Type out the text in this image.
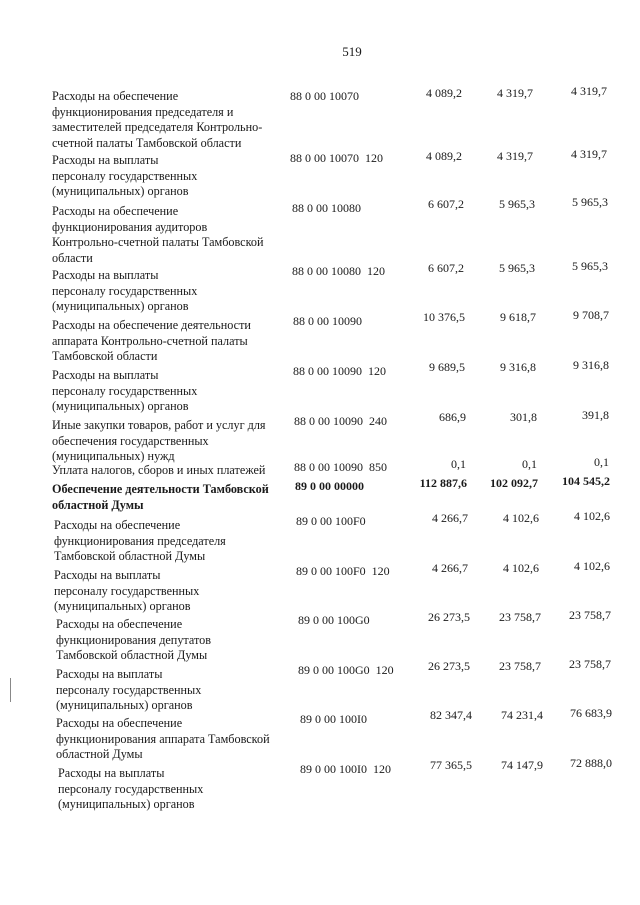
519
Расходы на обеспечение
функционирования председателя и
заместителей председателя Контрольно-
счетной палаты Тамбовской области
88 0 00 10070	4 089,2	4 319,7	4 319,7
Расходы на выплаты
персоналу государственных
(муниципальных) органов
88 0 00 10070  120	4 089,2	4 319,7	4 319,7
Расходы на обеспечение
функционирования аудиторов
Контрольно-счетной палаты Тамбовской
области
88 0 00 10080	6 607,2	5 965,3	5 965,3
Расходы на выплаты
персоналу государственных
(муниципальных) органов
88 0 00 10080  120	6 607,2	5 965,3	5 965,3
Расходы на обеспечение деятельности
аппарата Контрольно-счетной палаты
Тамбовской области
88 0 00 10090	10 376,5	9 618,7	9 708,7
Расходы на выплаты
персоналу государственных
(муниципальных) органов
88 0 00 10090  120	9 689,5	9 316,8	9 316,8
Иные закупки товаров, работ и услуг для
обеспечения государственных
(муниципальных) нужд
88 0 00 10090  240	686,9	301,8	391,8
Уплата налогов, сборов и иных платежей	88 0 00 10090  850	0,1	0,1	0,1
Обеспечение деятельности Тамбовской
областной Думы
89 0 00 00000	112 887,6	102 092,7	104 545,2
Расходы на обеспечение
функционирования председателя
Тамбовской областной Думы
89 0 00 100F0	4 266,7	4 102,6	4 102,6
Расходы на выплаты
персоналу государственных
(муниципальных) органов
89 0 00 100F0  120	4 266,7	4 102,6	4 102,6
Расходы на обеспечение
функционирования депутатов
Тамбовской областной Думы
89 0 00 100G0	26 273,5	23 758,7	23 758,7
Расходы на выплаты
персоналу государственных
(муниципальных) органов
89 0 00 100G0  120	26 273,5	23 758,7	23 758,7
Расходы на обеспечение
функционирования аппарата Тамбовской
областной Думы
89 0 00 100I0	82 347,4	74 231,4	76 683,9
Расходы на выплаты
персоналу государственных
(муниципальных) органов
89 0 00 100I0  120	77 365,5	74 147,9	72 888,0
